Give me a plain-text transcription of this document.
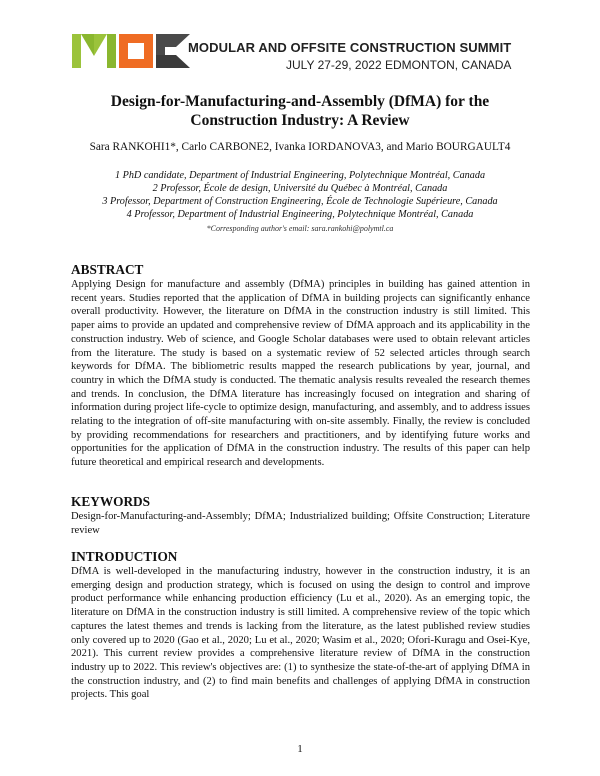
MODULAR AND OFFSITE CONSTRUCTION SUMMIT
JULY 27-29, 2022 EDMONTON, CANADA
Design-for-Manufacturing-and-Assembly (DfMA) for the
Construction Industry: A Review
Sara RANKOHI1*, Carlo CARBONE2, Ivanka IORDANOVA3, and Mario BOURGAULT4
1 PhD candidate, Department of Industrial Engineering, Polytechnique Montréal, Canada
2 Professor, École de design, Université du Québec à Montréal, Canada
3 Professor, Department of Construction Engineering, École de Technologie Supérieure, Canada
4 Professor, Department of Industrial Engineering, Polytechnique Montréal, Canada
*Corresponding author's email: sara.rankohi@polymtl.ca
ABSTRACT
Applying Design for manufacture and assembly (DfMA) principles in building has gained attention in recent years. Studies reported that the application of DfMA in building projects can significantly enhance overall productivity. However, the literature on DfMA in the construction industry is still limited. This paper aims to provide an updated and comprehensive review of DfMA approach and its applicability in the construction industry. Web of science, and Google Scholar databases were used to obtain relevant articles from the literature. The study is based on a systematic review of 52 selected articles through search keywords for DfMA. The bibliometric results mapped the research publications by year, journal, and country in which the DfMA study is conducted. The thematic analysis results revealed the research themes and trends. In conclusion, the DfMA literature has increasingly focused on integration and sharing of information during project life-cycle to optimize design, manufacturing, and assembly, and to address issues relating to the integration of off-site manufacturing with on-site assembly. Finally, the review is concluded by providing recommendations for researchers and practitioners, and by identifying future works and opportunities for the application of DfMA in the construction industry. The results of this paper can help future theoretical and empirical research and developments.
KEYWORDS
Design-for-Manufacturing-and-Assembly; DfMA; Industrialized building; Offsite Construction; Literature review
INTRODUCTION
DfMA is well-developed in the manufacturing industry, however in the construction industry, it is an emerging design and production strategy, which is focused on using the design to control and improve product performance while enhancing production efficiency (Lu et al., 2020). As an emerging topic, the literature on DfMA in the construction industry is still limited. A comprehensive review of the topic which captures the latest themes and trends is lacking from the literature, as the latest published review studies only covered up to 2020 (Gao et al., 2020; Lu et al., 2020; Wasim et al., 2020; Ofori-Kuragu and Osei-Kye, 2021). This current review provides a comprehensive literature review of DfMA in the construction industry up to 2022. This review's objectives are: (1) to synthesize the state-of-the-art of applying DfMA in the construction industry, and (2) to find main benefits and challenges of applying DfMA in construction projects. This goal
1
